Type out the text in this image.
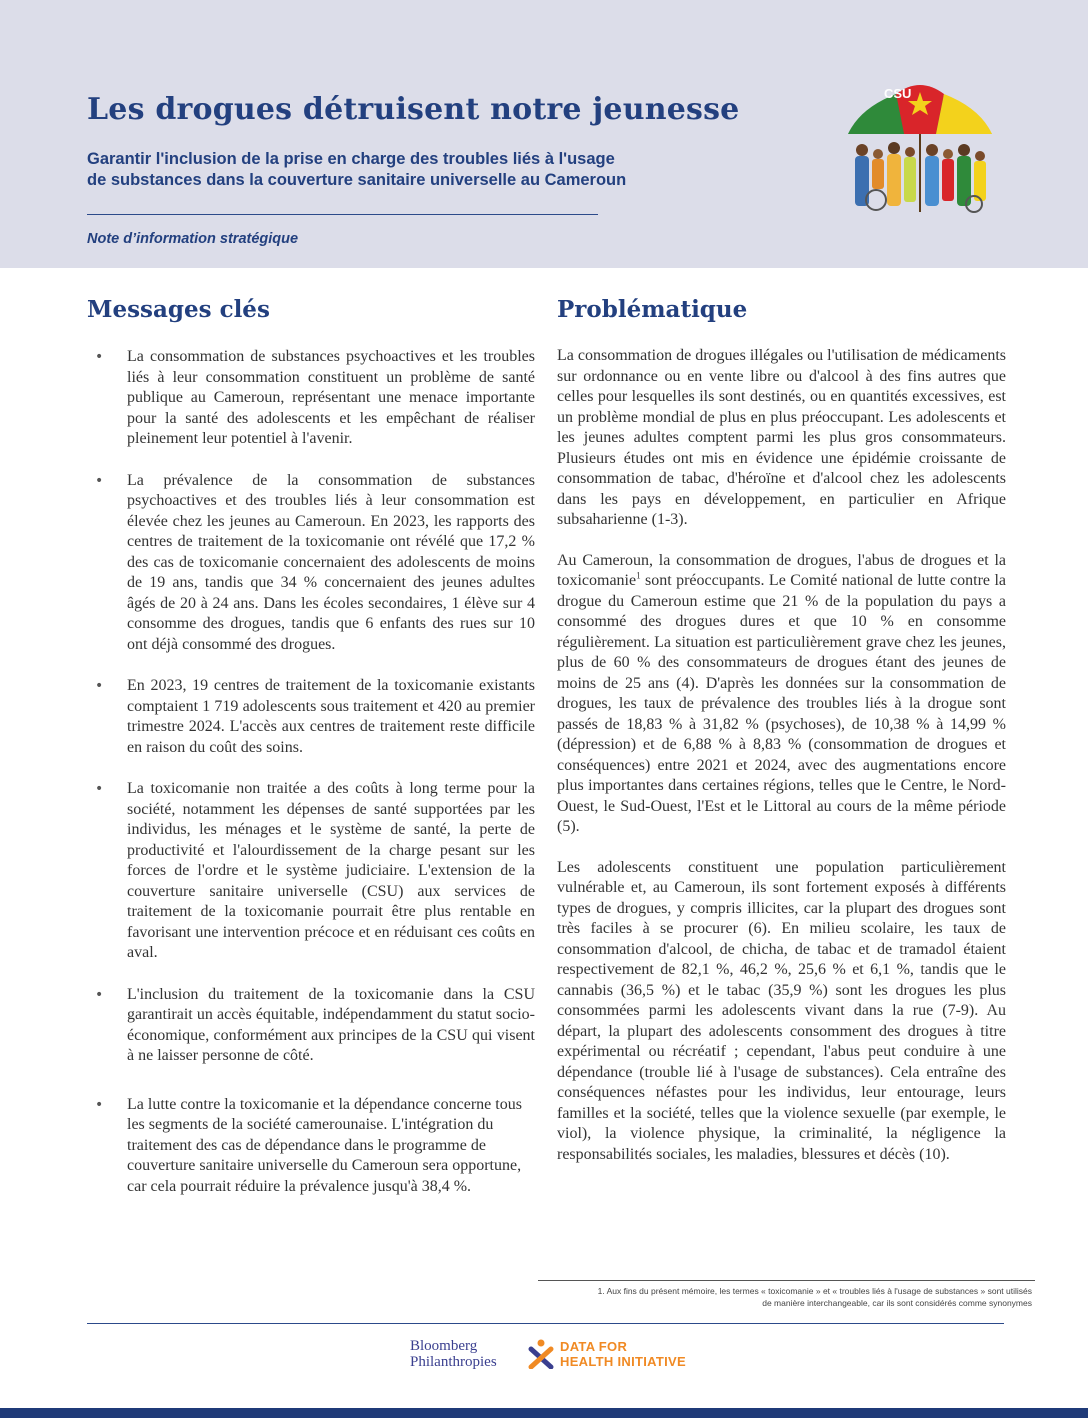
Les drogues détruisent notre jeunesse
Garantir l'inclusion de la prise en charge des troubles liés à l'usage
de substances dans la couverture sanitaire universelle au Cameroun
Note d’information stratégique
CSU
Messages clés	Problématique
• La consommation de substances psychoactives et les troubles liés à leur consommation constituent un problème de santé publique au Cameroun, représentant une menace importante pour la santé des adolescents et les empêchant de réaliser pleinement leur potentiel à l'avenir.
• La prévalence de la consommation de substances psychoactives et des troubles liés à leur consommation est élevée chez les jeunes au Cameroun. En 2023, les rapports des centres de traitement de la toxicomanie ont révélé que 17,2 % des cas de toxicomanie concernaient des adolescents de moins de 19 ans, tandis que 34 % concernaient des jeunes adultes âgés de 20 à 24 ans. Dans les écoles secondaires, 1 élève sur 4 consomme des drogues, tandis que 6 enfants des rues sur 10 ont déjà consommé des drogues.
• En 2023, 19 centres de traitement de la toxicomanie existants comptaient 1 719 adolescents sous traitement et 420 au premier trimestre 2024. L'accès aux centres de traitement reste difficile en raison du coût des soins.
• La toxicomanie non traitée a des coûts à long terme pour la société, notamment les dépenses de santé supportées par les individus, les ménages et le système de santé, la perte de productivité et l'alourdissement de la charge pesant sur les forces de l'ordre et le système judiciaire. L'extension de la couverture sanitaire universelle (CSU) aux services de traitement de la toxicomanie pourrait être plus rentable en favorisant une intervention précoce et en réduisant ces coûts en aval.
• L'inclusion du traitement de la toxicomanie dans la CSU garantirait un accès équitable, indépendamment du statut socio-économique, conformément aux principes de la CSU qui visent à ne laisser personne de côté.
• La lutte contre la toxicomanie et la dépendance concerne tous les segments de la société camerounaise. L'intégration du traitement des cas de dépendance dans le programme de couverture sanitaire universelle du Cameroun sera opportune, car cela pourrait réduire la prévalence jusqu'à 38,4 %.

La consommation de drogues illégales ou l'utilisation de médicaments sur ordonnance ou en vente libre ou d'alcool à des fins autres que celles pour lesquelles ils sont destinés, ou en quantités excessives, est un problème mondial de plus en plus préoccupant. Les adolescents et les jeunes adultes comptent parmi les plus gros consommateurs. Plusieurs études ont mis en évidence une épidémie croissante de consommation de tabac, d'héroïne et d'alcool chez les adolescents dans les pays en développement, en particulier en Afrique subsaharienne (1-3).

Au Cameroun, la consommation de drogues, l'abus de drogues et la toxicomanie$^1$ sont préoccupants. Le Comité national de lutte contre la drogue du Cameroun estime que 21 % de la population du pays a consommé des drogues dures et que 10 % en consomme régulièrement. La situation est particulièrement grave chez les jeunes, plus de 60 % des consommateurs de drogues étant des jeunes de moins de 25 ans (4). D'après les données sur la consommation de drogues, les taux de prévalence des troubles liés à la drogue sont passés de 18,83 % à 31,82 % (psychoses), de 10,38 % à 14,99 % (dépression) et de 6,88 % à 8,83 % (consommation de drogues et conséquences) entre 2021 et 2024, avec des augmentations encore plus importantes dans certaines régions, telles que le Centre, le Nord-Ouest, le Sud-Ouest, l'Est et le Littoral au cours de la même période (5).

Les adolescents constituent une population particulièrement vulnérable et, au Cameroun, ils sont fortement exposés à différents types de drogues, y compris illicites, car la plupart des drogues sont très faciles à se procurer (6). En milieu scolaire, les taux de consommation d'alcool, de chicha, de tabac et de tramadol étaient respectivement de 82,1 %, 46,2 %, 25,6 % et 6,1 %, tandis que le cannabis (36,5 %) et le tabac (35,9 %) sont les drogues les plus consommées parmi les adolescents vivant dans la rue (7-9). Au départ, la plupart des adolescents consomment des drogues à titre expérimental ou récréatif ; cependant, l'abus peut conduire à une dépendance (trouble lié à l'usage de substances). Cela entraîne des conséquences néfastes pour les individus, leur entourage, leurs familles et la société, telles que la violence sexuelle (par exemple, le viol), la violence physique, la criminalité, la négligence la responsabilités sociales, les maladies, blessures et décès (10).

1. Aux fins du présent mémoire, les termes « toxicomanie » et « troubles liés à l'usage de substances » sont utilisés
de manière interchangeable, car ils sont considérés comme synonymes
Bloomberg
Philanthropies
DATA FOR
HEALTH INITIATIVE
